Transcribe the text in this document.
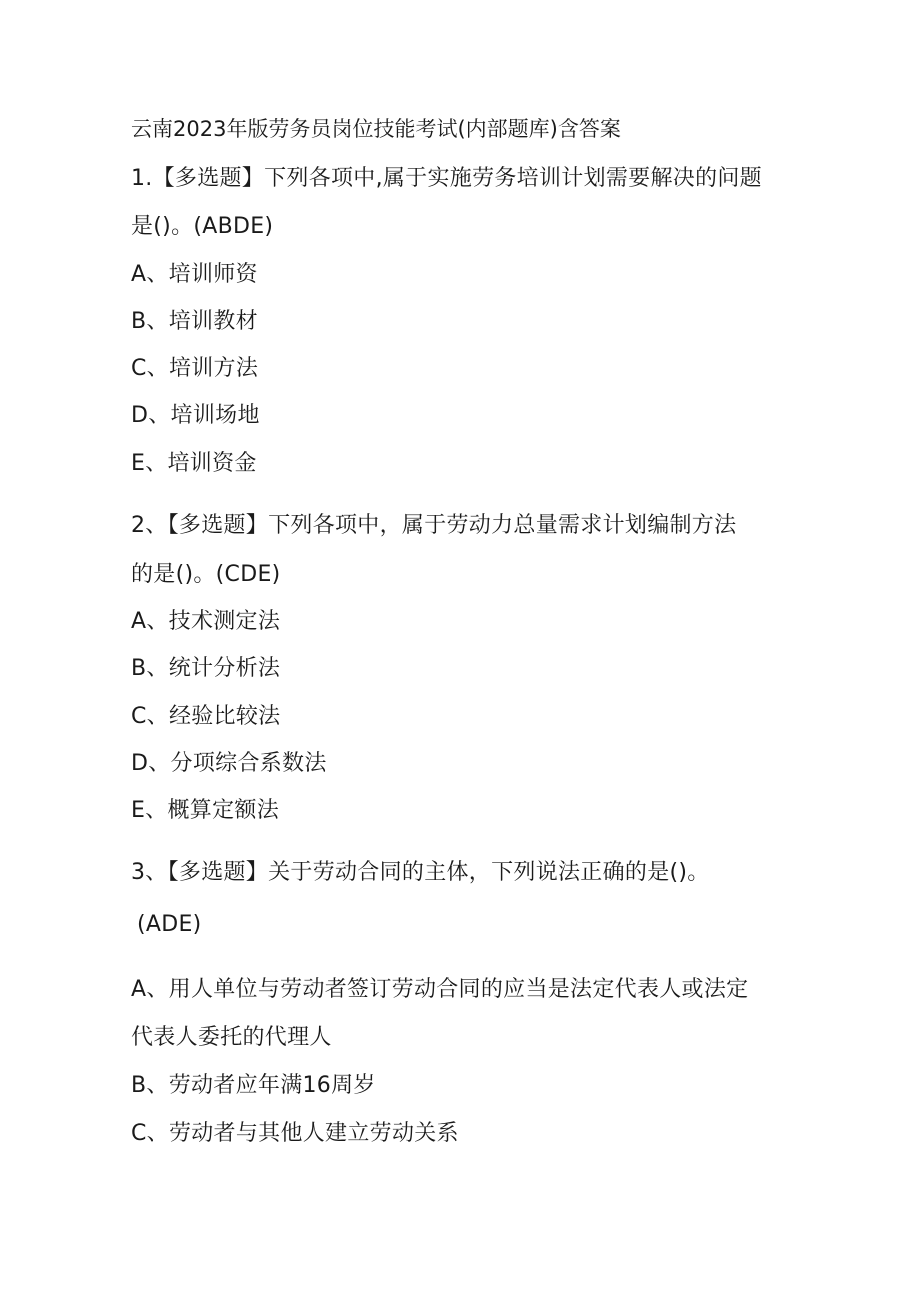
云南2023年版劳务员岗位技能考试(内部题库)含答案
1.【多选题】下列各项中,属于实施劳务培训计划需要解决的问题
是()。(ABDE)
A、培训师资
B、培训教材
C、培训方法
D、培训场地
E、培训资金
2、【多选题】下列各项中，属于劳动力总量需求计划编制方法
的是()。(CDE)
A、技术测定法
B、统计分析法
C、经验比较法
D、分项综合系数法
E、概算定额法
3、【多选题】关于劳动合同的主体，下列说法正确的是()。
(ADE)
A、用人单位与劳动者签订劳动合同的应当是法定代表人或法定
代表人委托的代理人
B、劳动者应年满16周岁
C、劳动者与其他人建立劳动关系
